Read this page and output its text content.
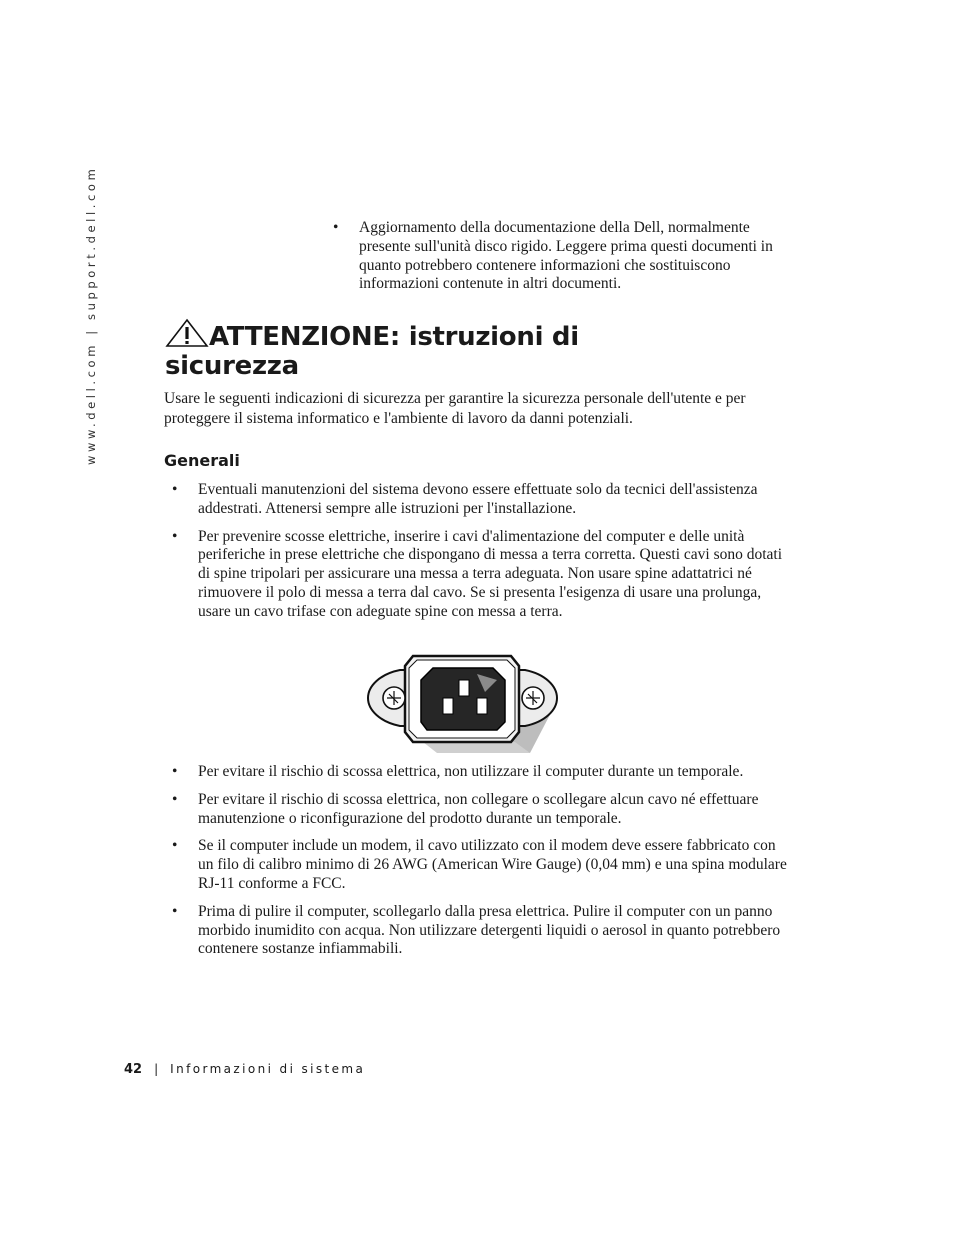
www.dell.com | support.dell.com	• Aggiornamento della documentazione della Dell, normalmente presente sull'unità disco rigido. Leggere prima questi documenti in quanto potrebbero contenere informazioni che sostituiscono informazioni contenute in altri documenti.
ATTENZIONE: istruzioni di sicurezza

Usare le seguenti indicazioni di sicurezza per garantire la sicurezza personale dell'utente e per proteggere il sistema informatico e l'ambiente di lavoro da danni potenziali.

Generali
• Eventuali manutenzioni del sistema devono essere effettuate solo da tecnici dell'assistenza addestrati. Attenersi sempre alle istruzioni per l'installazione.
• Per prevenire scosse elettriche, inserire i cavi d'alimentazione del computer e delle unità periferiche in prese elettriche che dispongano di messa a terra corretta. Questi cavi sono dotati di spine tripolari per assicurare una messa a terra adeguata. Non usare spine adattatrici né rimuovere il polo di messa a terra dal cavo. Se si presenta l'esigenza di usare una prolunga, usare un cavo trifase con adeguate spine con messa a terra.
• Per evitare il rischio di scossa elettrica, non utilizzare il computer durante un temporale.
• Per evitare il rischio di scossa elettrica, non collegare o scollegare alcun cavo né effettuare manutenzione o riconfigurazione del prodotto durante un temporale.
• Se il computer include un modem, il cavo utilizzato con il modem deve essere fabbricato con un filo di calibro minimo di 26 AWG (American Wire Gauge) (0,04 mm) e una spina modulare RJ-11 conforme a FCC.
• Prima di pulire il computer, scollegarlo dalla presa elettrica. Pulire il computer con un panno morbido inumidito con acqua. Non utilizzare detergenti liquidi o aerosol in quanto potrebbero contenere sostanze infiammabili.
42 | Informazioni di sistema
